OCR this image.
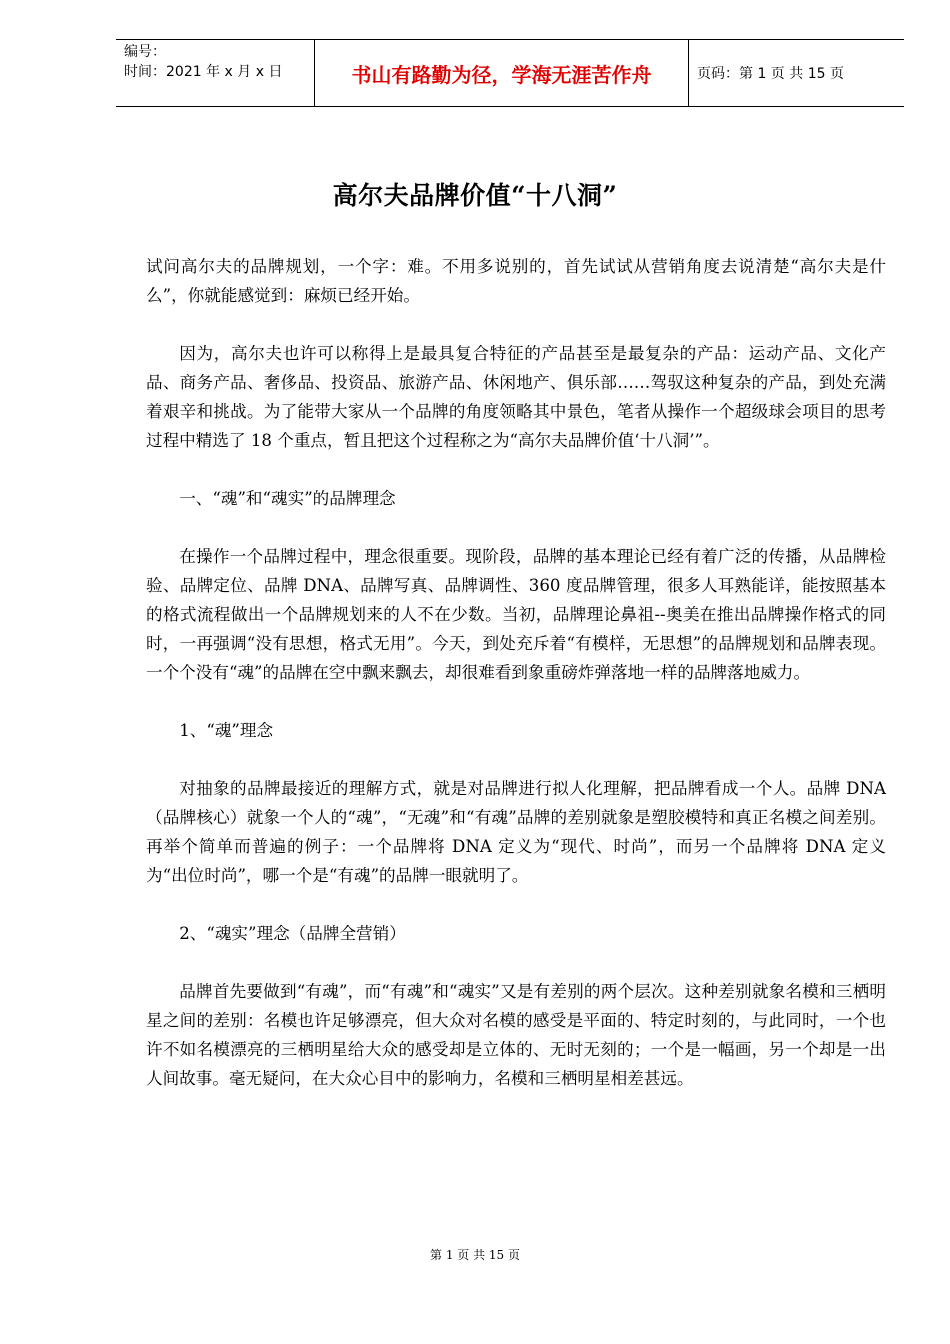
编号：
时间：2021 年 x 月 x 日	书山有路勤为径，学海无涯苦作舟	页码：第 1 页 共 15 页
高尔夫品牌价值“十八洞”

试问高尔夫的品牌规划，一个字：难。不用多说别的，首先试试从营销角度去说清楚“高尔夫是什么”，你就能感觉到：麻烦已经开始。

因为，高尔夫也许可以称得上是最具复合特征的产品甚至是最复杂的产品：运动产品、文化产品、商务产品、奢侈品、投资品、旅游产品、休闲地产、俱乐部……驾驭这种复杂的产品，到处充满着艰辛和挑战。为了能带大家从一个品牌的角度领略其中景色，笔者从操作一个超级球会项目的思考过程中精选了 18 个重点，暂且把这个过程称之为“高尔夫品牌价值‘十八洞’”。

一、“魂”和“魂实”的品牌理念

在操作一个品牌过程中，理念很重要。现阶段，品牌的基本理论已经有着广泛的传播，从品牌检验、品牌定位、品牌 DNA、品牌写真、品牌调性、360 度品牌管理，很多人耳熟能详，能按照基本的格式流程做出一个品牌规划来的人不在少数。当初，品牌理论鼻祖--奥美在推出品牌操作格式的同时，一再强调“没有思想，格式无用”。今天，到处充斥着“有模样，无思想”的品牌规划和品牌表现。一个个没有“魂”的品牌在空中飘来飘去，却很难看到象重磅炸弹落地一样的品牌落地威力。

1、“魂”理念

对抽象的品牌最接近的理解方式，就是对品牌进行拟人化理解，把品牌看成一个人。品牌 DNA（品牌核心）就象一个人的“魂”，“无魂”和“有魂”品牌的差别就象是塑胶模特和真正名模之间差别。再举个简单而普遍的例子：一个品牌将 DNA 定义为“现代、时尚”，而另一个品牌将 DNA 定义为“出位时尚”，哪一个是“有魂”的品牌一眼就明了。

2、“魂实”理念（品牌全营销）

品牌首先要做到“有魂”，而“有魂”和“魂实”又是有差别的两个层次。这种差别就象名模和三栖明星之间的差别：名模也许足够漂亮，但大众对名模的感受是平面的、特定时刻的，与此同时，一个也许不如名模漂亮的三栖明星给大众的感受却是立体的、无时无刻的；一个是一幅画，另一个却是一出人间故事。毫无疑问，在大众心目中的影响力，名模和三栖明星相差甚远。

第 1 页 共 15 页
